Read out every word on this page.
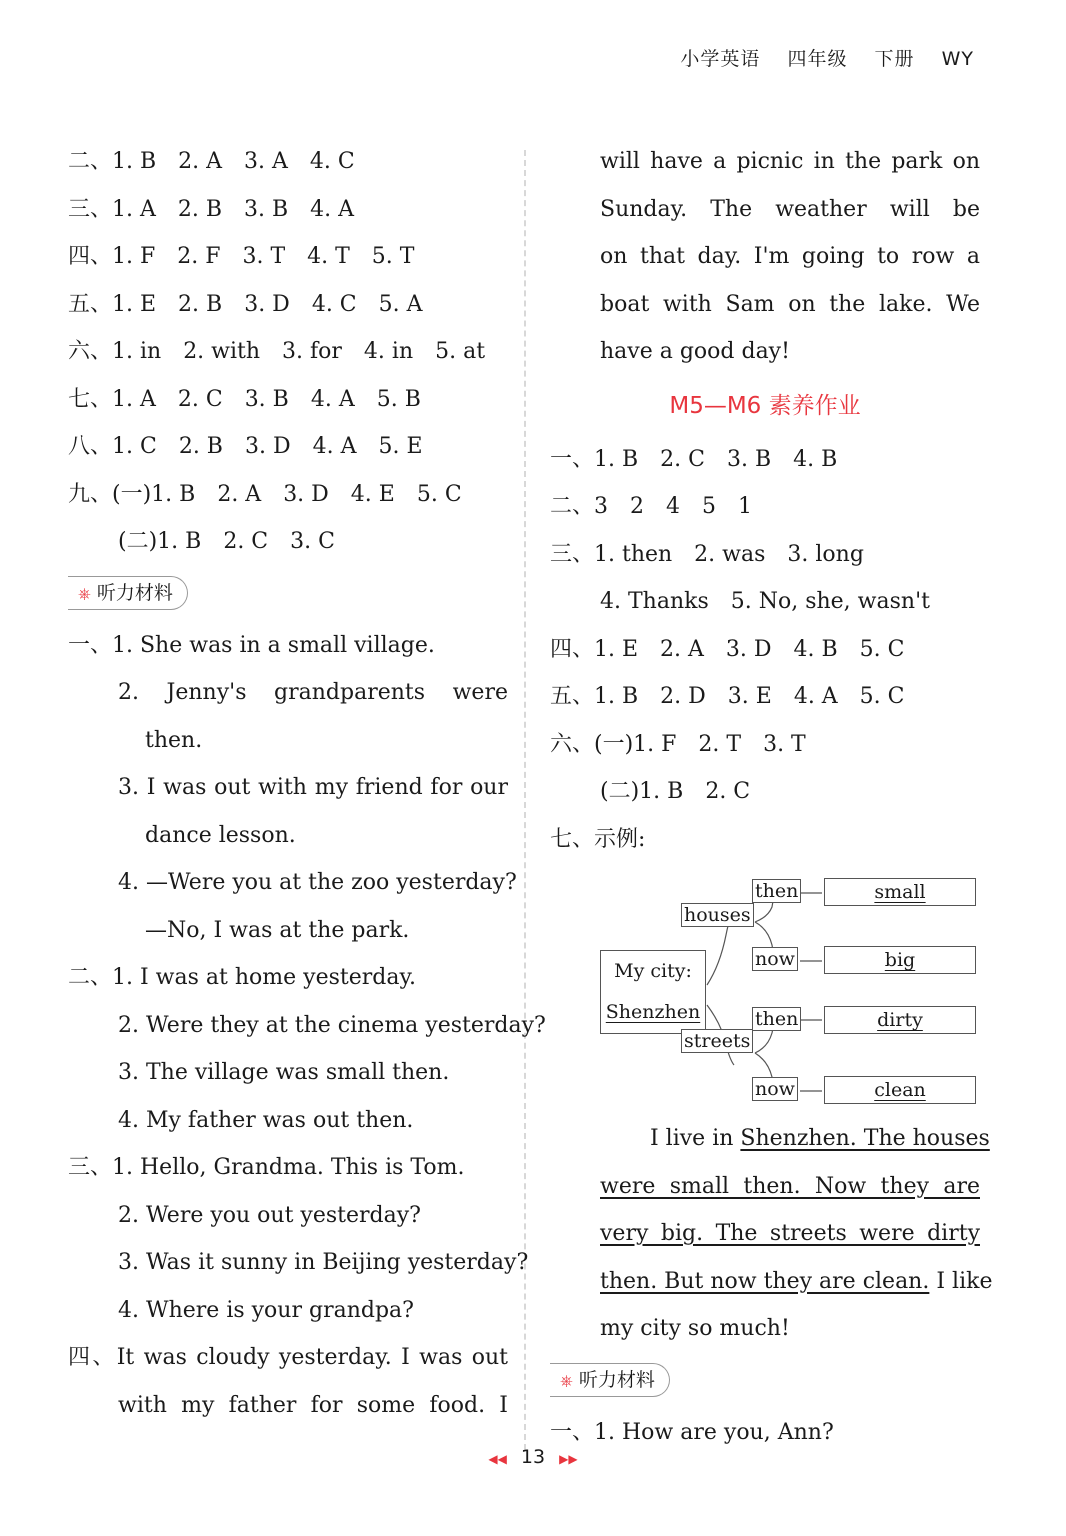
小学英语 四年级 下册 WY
二、1. B　2. A　3. A　4. C
三、1. A　2. B　3. B　4. A
四、1. F　2. F　3. T　4. T　5. T
五、1. E　2. B　3. D　4. C　5. A
六、1. in　2. with　3. for　4. in　5. at
七、1. A　2. C　3. B　4. A　5. B
八、1. C　2. B　3. D　4. A　5. E
九、(一)1. B　2. A　3. D　4. E　5. C
(二)1. B　2. C　3. C
⎈ 听力材料
一、1. She was in a small village.
2. Jenny's grandparents were
then.
3. I was out with my friend for our
dance lesson.
4. —Were you at the zoo yesterday?
—No, I was at the park.
二、1. I was at home yesterday.
2. Were they at the cinema yesterday?
3. The village was small then.
4. My father was out then.
三、1. Hello, Grandma. This is Tom.
2. Were you out yesterday?
3. Was it sunny in Beijing yesterday?
4. Where is your grandpa?
四、It was cloudy yesterday. I was out
with my father for some food. I
will have a picnic in the park on
Sunday. The weather will be
on that day. I'm going to row a
boat with Sam on the lake. We
have a good day!
M5—M6 素养作业
一、1. B　2. C　3. B　4. B
二、3　2　4　5　1
三、1. then　2. was　3. long
4. Thanks　5. No, she, wasn't
四、1. E　2. A　3. D　4. B　5. C
五、1. B　2. D　3. E　4. A　5. C
六、(一)1. F　2. T　3. T
(二)1. B　2. C
七、示例:
My city:
Shenzhen
houses
streets
then
now
then
now
small
big
dirty
clean
I live in Shenzhen. The houses
were small then. Now they are
very big. The streets were dirty
then. But now they are clean. I like
my city so much!
⎈ 听力材料
一、1. How are you, Ann?
◀◀ 13 ▶▶
